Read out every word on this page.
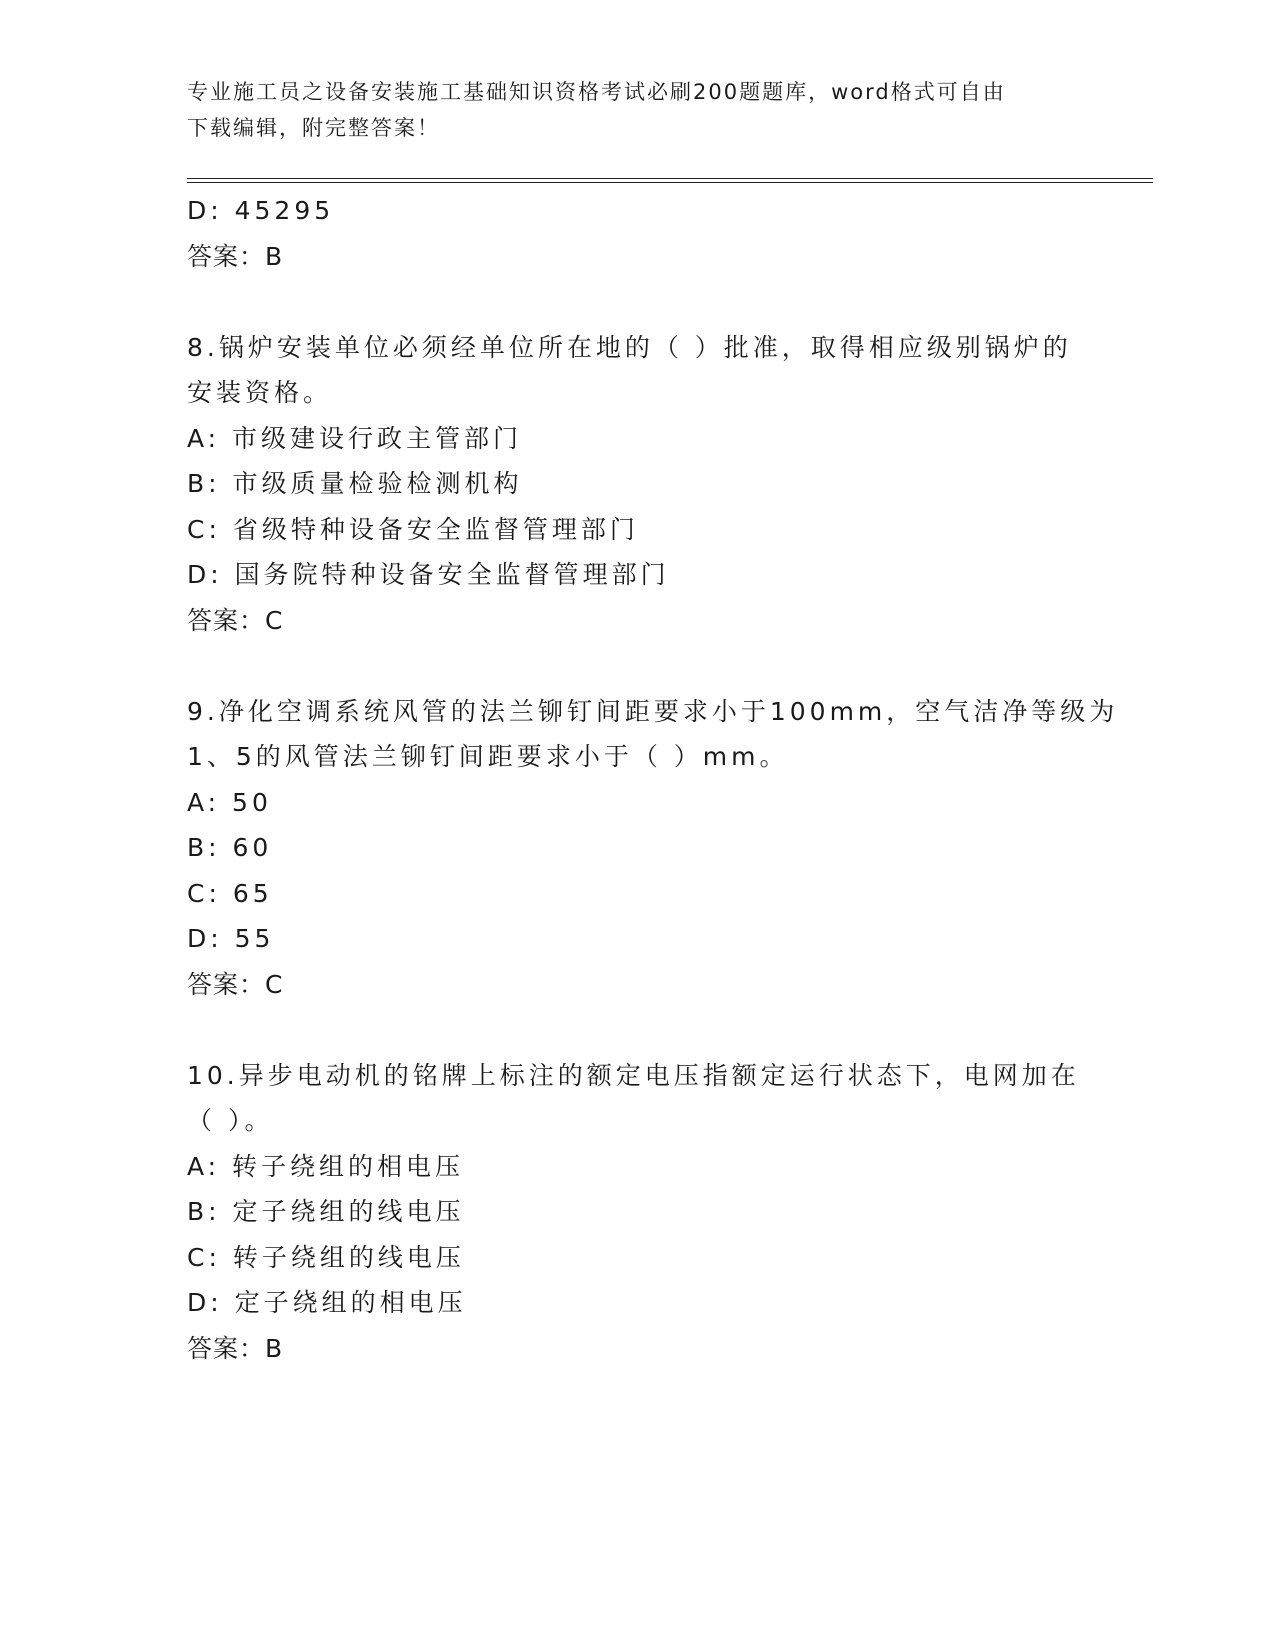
专业施工员之设备安装施工基础知识资格考试必刷200题题库，word格式可自由
下载编辑，附完整答案！
D: 45295
答案：B
8.锅炉安装单位必须经单位所在地的（ ）批准，取得相应级别锅炉的
安装资格。
A: 市级建设行政主管部门
B: 市级质量检验检测机构
C: 省级特种设备安全监督管理部门
D: 国务院特种设备安全监督管理部门
答案：C
9.净化空调系统风管的法兰铆钉间距要求小于100mm，空气洁净等级为
1、5的风管法兰铆钉间距要求小于（ ）mm。
A: 50
B: 60
C: 65
D: 55
答案：C
10.异步电动机的铭牌上标注的额定电压指额定运行状态下，电网加在
（ ）。
A: 转子绕组的相电压
B: 定子绕组的线电压
C: 转子绕组的线电压
D: 定子绕组的相电压
答案：B
